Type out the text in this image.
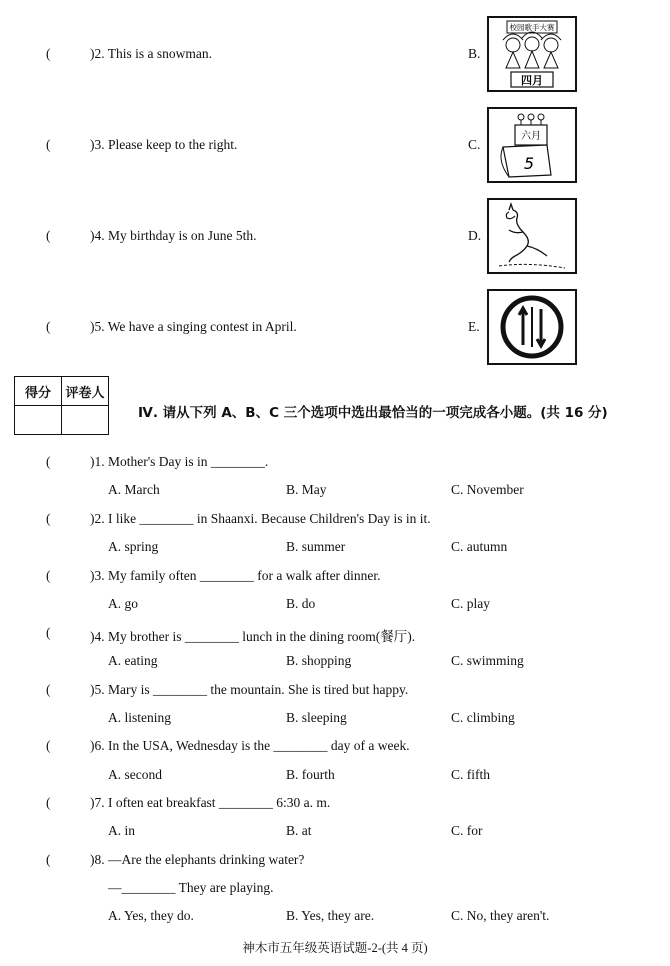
(	)2. This is a snowman.	B.
校园歌手大赛
四月
(	)3. Please keep to the right.	C.
六月
5
(	)4. My birthday is on June 5th.	D.
(	)5. We have a singing contest in April.	E.
得分	评卷人

Ⅳ. 请从下列 A、B、C 三个选项中选出最恰当的一项完成各小题。(共 16 分)
(	)1. Mother's Day is in ________.
A. March	B. May	C. November
(	)2. I like ________ in Shaanxi. Because Children's Day is in it.
A. spring	B. summer	C. autumn
(	)3. My family often ________ for a walk after dinner.
A. go	B. do	C. play
(	)4. My brother is ________ lunch in the dining room(餐厅).
A. eating	B. shopping	C. swimming
(	)5. Mary is ________ the mountain. She is tired but happy.
A. listening	B. sleeping	C. climbing
(	)6. In the USA, Wednesday is the ________ day of a week.
A. second	B. fourth	C. fifth
(	)7. I often eat breakfast ________ 6:30 a. m.
A. in	B. at	C. for
(	)8. —Are the elephants drinking water?
—________ They are playing.
A. Yes, they do.	B. Yes, they are.	C. No, they aren't.
神木市五年级英语试题-2-(共 4 页)
